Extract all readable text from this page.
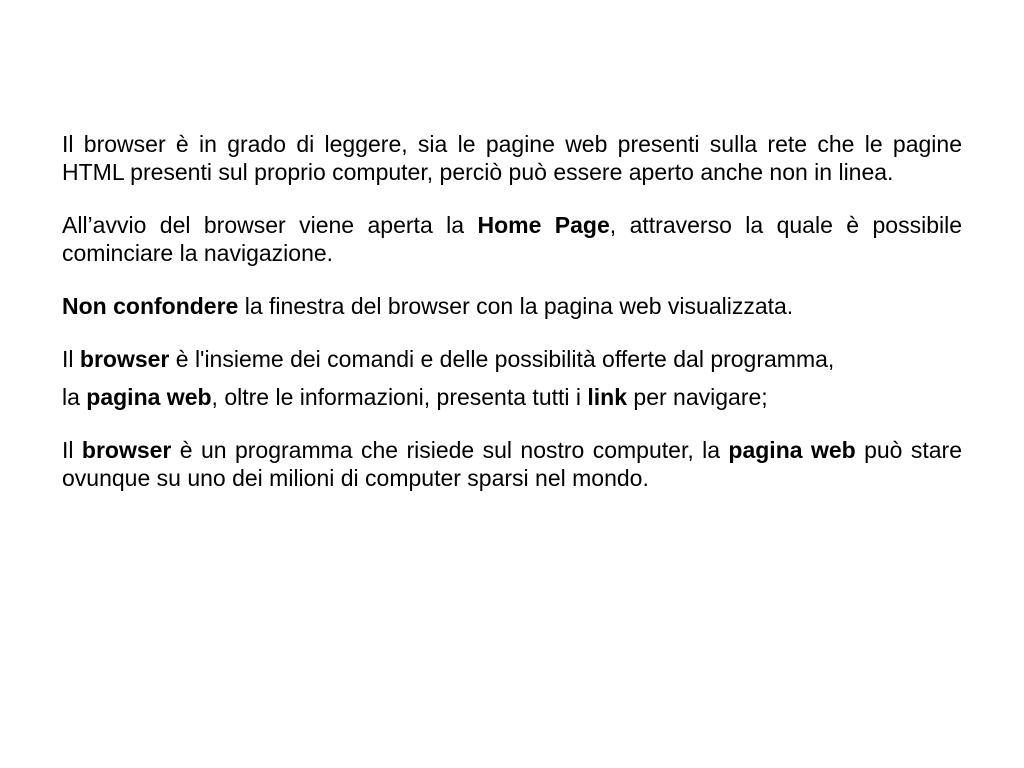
Il browser è in grado di leggere, sia le pagine web presenti sulla rete che le pagine HTML presenti sul proprio computer, perciò può essere aperto anche non in linea.

All’avvio del browser viene aperta la Home Page, attraverso la quale è possibile cominciare la navigazione.

Non confondere la finestra del browser con la pagina web visualizzata.

Il browser è l'insieme dei comandi e delle possibilità offerte dal programma,

la pagina web, oltre le informazioni, presenta tutti i link per navigare;

Il browser è un programma che risiede sul nostro computer, la pagina web può stare ovunque su uno dei milioni di computer sparsi nel mondo.
